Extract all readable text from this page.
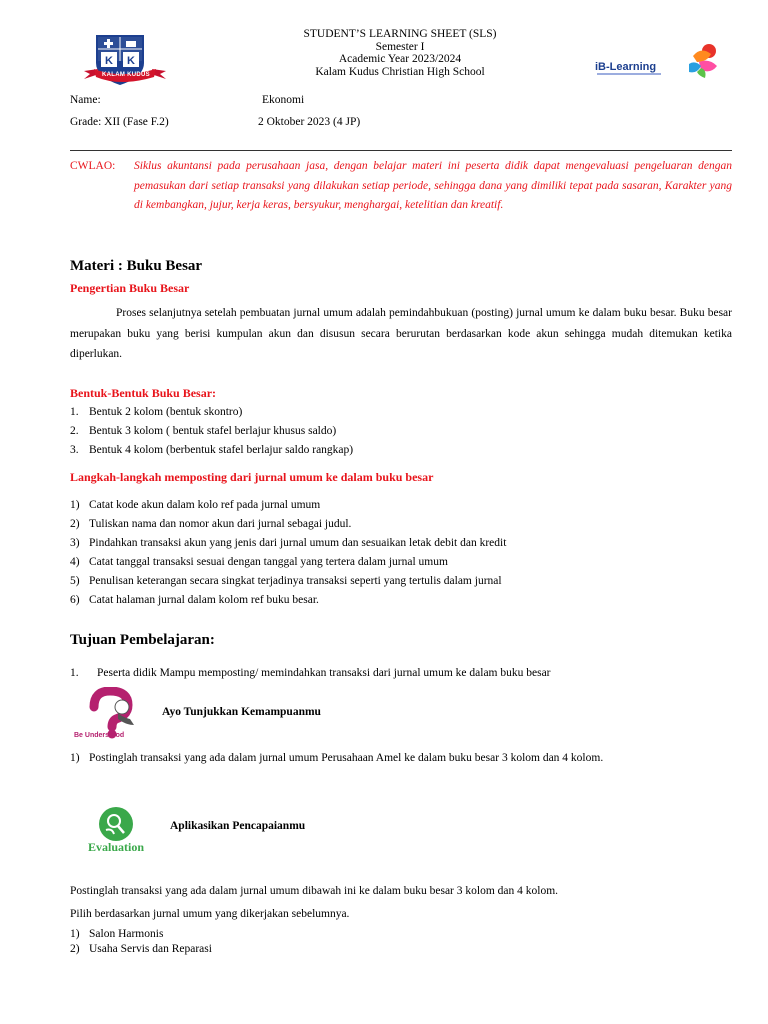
K K
KALAM KUDUS
iB-Learning
STUDENT’S LEARNING SHEET (SLS)
Semester I
Academic Year 2023/2024
Kalam Kudus Christian High School
Name:	Ekonomi
Grade: XII (Fase F.2)	2 Oktober 2023 (4 JP)
CWLAO: Siklus akuntansi pada perusahaan jasa, dengan belajar materi ini peserta didik dapat mengevaluasi pengeluaran dengan pemasukan dari setiap transaksi yang dilakukan setiap periode, sehingga dana yang dimiliki tepat pada sasaran, Karakter yang di kembangkan, jujur, kerja keras, bersyukur, menghargai, ketelitian dan kreatif.
Materi : Buku Besar
Pengertian Buku Besar
Proses selanjutnya setelah pembuatan jurnal umum adalah pemindahbukuan (posting) jurnal umum ke dalam buku besar. Buku besar merupakan buku yang berisi kumpulan akun dan disusun secara berurutan berdasarkan kode akun sehingga mudah ditemukan ketika diperlukan.
Bentuk-Bentuk Buku Besar:
1. Bentuk 2 kolom (bentuk skontro)
2. Bentuk 3 kolom ( bentuk stafel berlajur khusus saldo)
3. Bentuk 4 kolom (berbentuk stafel berlajur saldo rangkap)
Langkah-langkah memposting dari jurnal umum ke dalam buku besar
1) Catat kode akun dalam kolo ref pada jurnal umum
2) Tuliskan nama dan nomor akun dari jurnal sebagai judul.
3) Pindahkan transaksi akun yang jenis dari jurnal umum dan sesuaikan letak debit dan kredit
4) Catat tanggal transaksi sesuai dengan tanggal yang tertera dalam jurnal umum
5) Penulisan keterangan secara singkat terjadinya transaksi seperti yang tertulis dalam jurnal
6) Catat halaman jurnal dalam kolom ref buku besar.
Tujuan Pembelajaran:
1. Peserta didik Mampu memposting/ memindahkan transaksi dari jurnal umum ke dalam buku besar
Be Understood
Ayo Tunjukkan Kemampuanmu
1) Postinglah transaksi yang ada dalam jurnal umum Perusahaan Amel ke dalam buku besar 3 kolom dan 4 kolom.
Evaluation
Aplikasikan Pencapaianmu
Postinglah transaksi yang ada dalam jurnal umum dibawah ini ke dalam buku besar 3 kolom dan 4 kolom.
Pilih berdasarkan jurnal umum yang dikerjakan sebelumnya.
1) Salon Harmonis
2) Usaha Servis dan Reparasi
